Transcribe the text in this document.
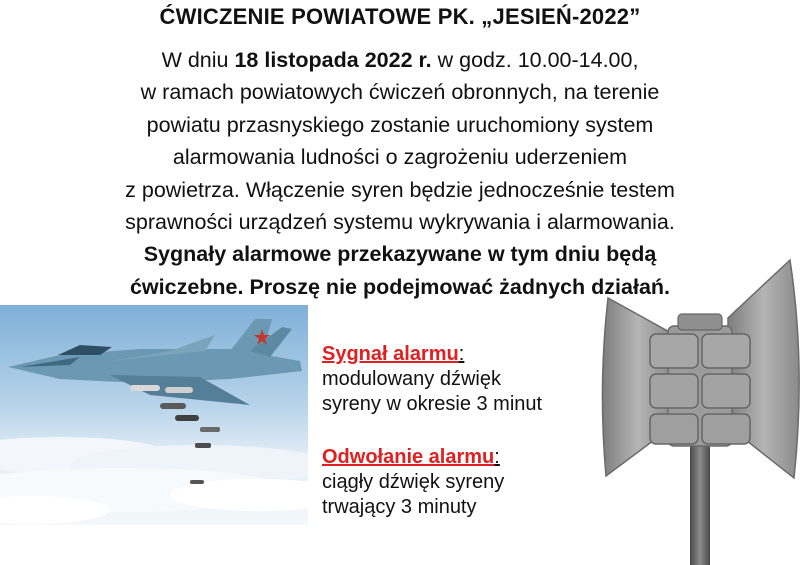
ĆWICZENIE POWIATOWE PK. „JESIEŃ-2022”
W dniu 18 listopada 2022 r. w godz. 10.00-14.00,
w ramach powiatowych ćwiczeń obronnych, na terenie
powiatu przasnyskiego zostanie uruchomiony system
alarmowania ludności o zagrożeniu uderzeniem
z powietrza. Włączenie syren będzie jednocześnie testem
sprawności urządzeń systemu wykrywania i alarmowania.
Sygnały alarmowe przekazywane w tym dniu będą
ćwiczebne. Proszę nie podejmować żadnych działań.
Sygnał alarmu:
modulowany dźwięk
syreny w okresie 3 minut
Odwołanie alarmu:
ciągły dźwięk syreny
trwający 3 minuty
